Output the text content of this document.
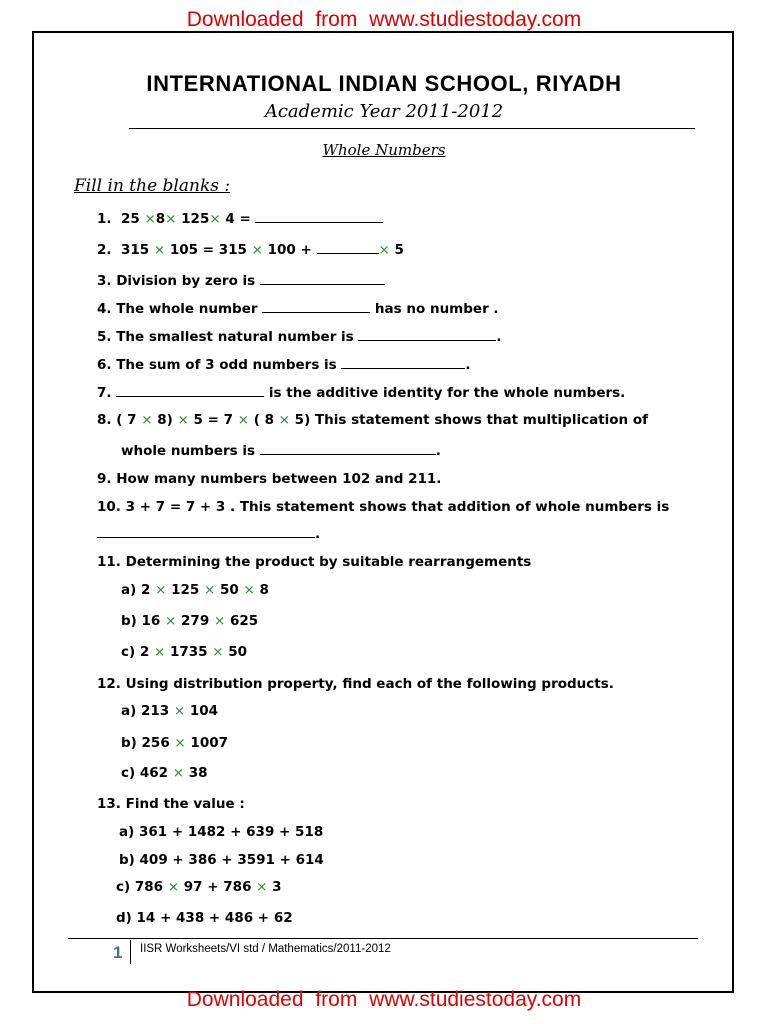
Downloaded from www.studiestoday.com
INTERNATIONAL INDIAN SCHOOL, RIYADH
Academic Year 2011-2012
Whole Numbers
Fill in the blanks :
1. 25 ×8× 125× 4 =
2. 315 × 105 = 315 × 100 +	× 5
3. Division by zero is
4. The whole number	has no number .
5. The smallest natural number is	.
6. The sum of 3 odd numbers is	.
7.	is the additive identity for the whole numbers.
8. ( 7 × 8) × 5 = 7 × ( 8 × 5) This statement shows that multiplication of
whole numbers is	.
9. How many numbers between 102 and 211.
10. 3 + 7 = 7 + 3 . This statement shows that addition of whole numbers is
.
11. Determining the product by suitable rearrangements
a) 2 × 125 × 50 × 8
b) 16 × 279 × 625
c) 2 × 1735 × 50
12. Using distribution property, find each of the following products.
a) 213 × 104
b) 256 × 1007
c) 462 × 38
13. Find the value :
a) 361 + 1482 + 639 + 518
b) 409 + 386 + 3591 + 614
c) 786 × 97 + 786 × 3
d) 14 + 438 + 486 + 62
1 IISR Worksheets/VI std / Mathematics/2011-2012
Downloaded from www.studiestoday.com
